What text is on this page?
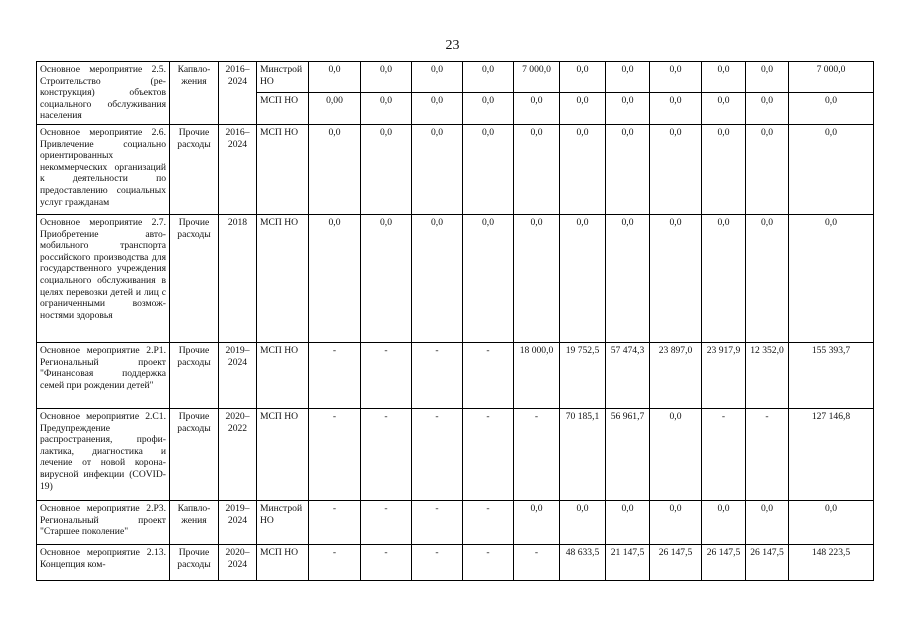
23
Основное мероприятие 2.5. Строительство (реконструкция) объектов социального обслуживания населения	Капвложения	2016–2024	Минстрой НО	0,0	0,0	0,0	0,0	7 000,0	0,0	0,0	0,0	0,0	0,0	7 000,0
			МСП НО	0,00	0,0	0,0	0,0	0,0	0,0	0,0	0,0	0,0	0,0	0,0
Основное мероприятие 2.6. Привлечение социально ориентированных некоммерческих организаций к деятельности по предоставлению социальных услуг гражданам	Прочие расходы	2016–2024	МСП НО	0,0	0,0	0,0	0,0	0,0	0,0	0,0	0,0	0,0	0,0	0,0
Основное мероприятие 2.7. Приобретение автомобильного транспорта российского производства для государственного учреждения социального обслуживания в целях перевозки детей и лиц с ограниченными возможностями здоровья	Прочие расходы	2018	МСП НО	0,0	0,0	0,0	0,0	0,0	0,0	0,0	0,0	0,0	0,0	0,0
Основное мероприятие 2.Р1. Региональный проект "Финансовая поддержка семей при рождении детей"	Прочие расходы	2019–2024	МСП НО	-	-	-	-	18 000,0	19 752,5	57 474,3	23 897,0	23 917,9	12 352,0	155 393,7
Основное мероприятие 2.С1. Предупреждение распространения, профилактика, диагностика и лечение от новой коронавирусной инфекции (COVID-19)	Прочие расходы	2020–2022	МСП НО	-	-	-	-	-	70 185,1	56 961,7	0,0	-	-	127 146,8
Основное мероприятие 2.Р3. Региональный проект "Старшее поколение"	Капвложения	2019–2024	Минстрой НО	-	-	-	-	0,0	0,0	0,0	0,0	0,0	0,0	0,0
Основное мероприятие 2.13. Концепция ком-	Прочие расходы	2020–2024	МСП НО	-	-	-	-	-	48 633,5	21 147,5	26 147,5	26 147,5	26 147,5	148 223,5
